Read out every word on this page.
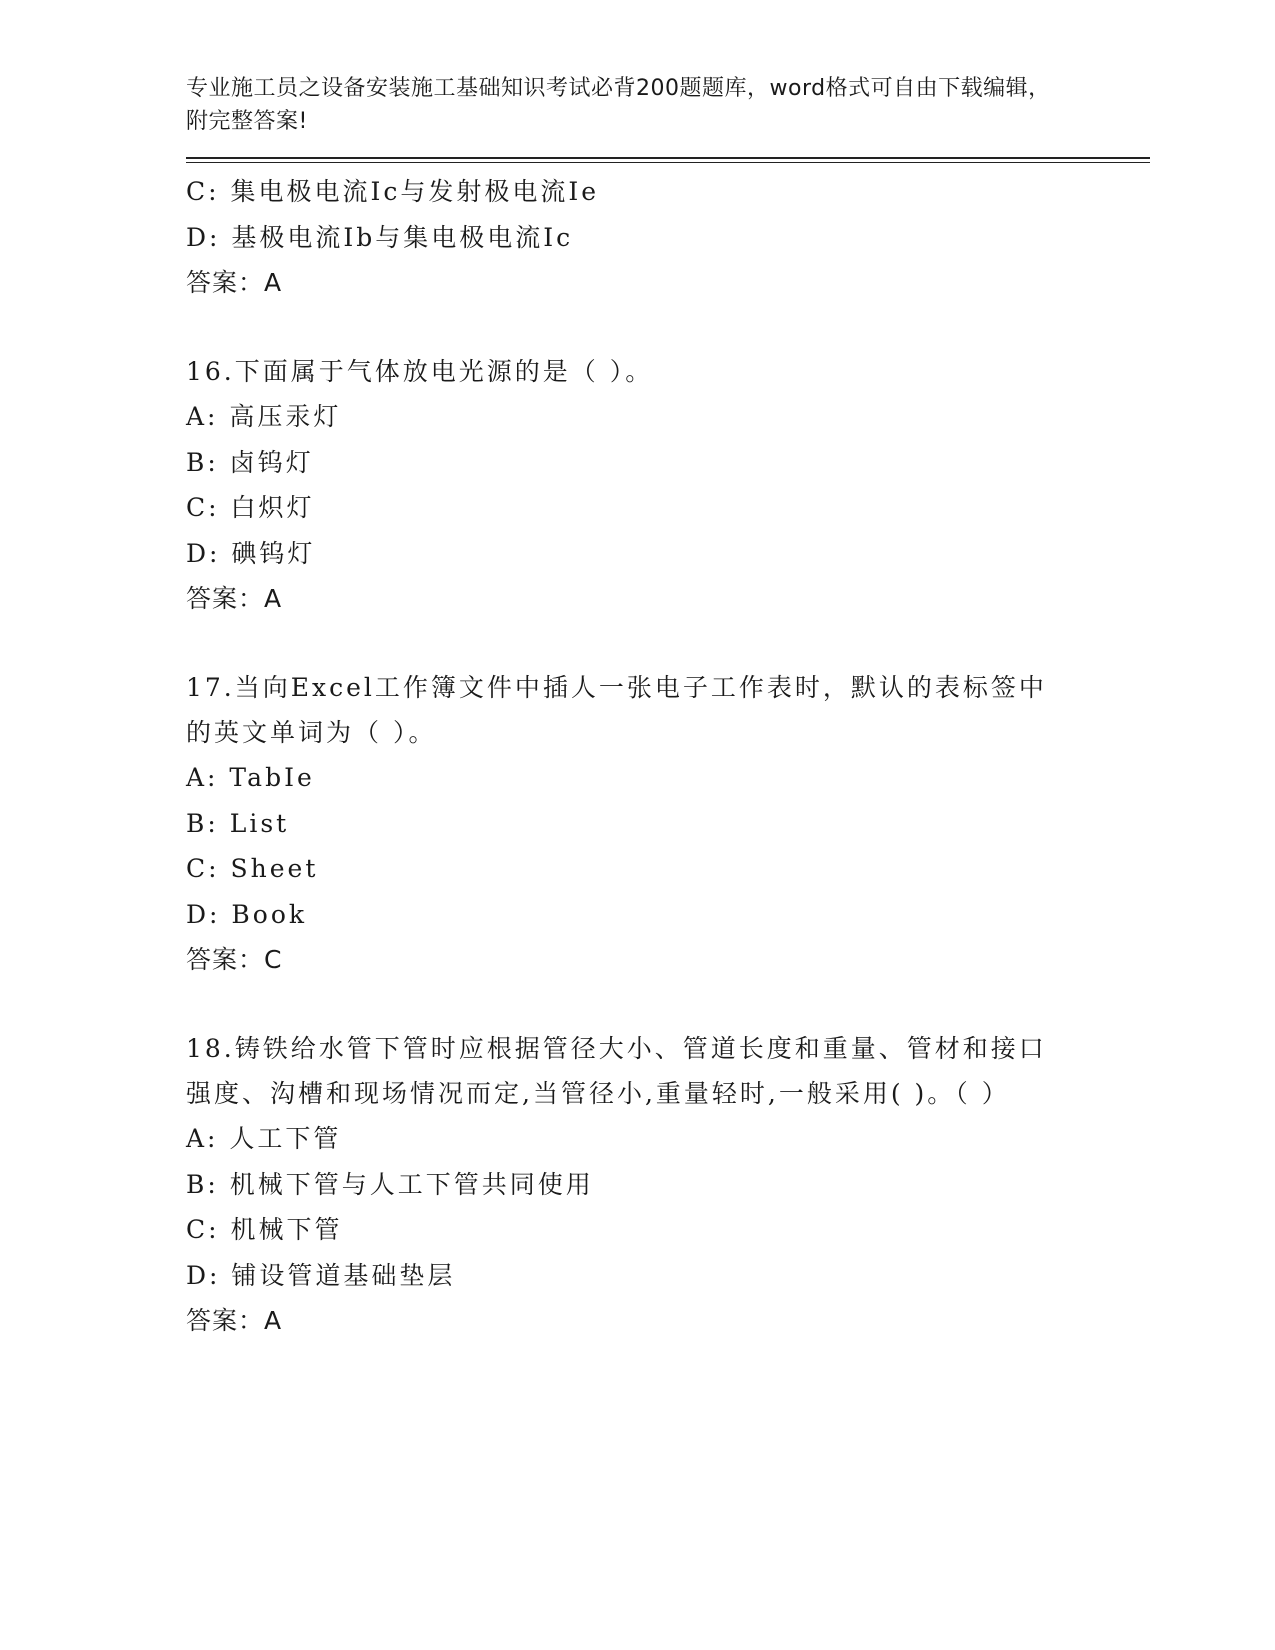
专业施工员之设备安装施工基础知识考试必背200题题库，word格式可自由下载编辑，附完整答案!

C: 集电极电流Ic与发射极电流Ie

D: 基极电流Ib与集电极电流Ic

答案：A

16.下面属于气体放电光源的是（ ）。

A: 高压汞灯

B: 卤钨灯

C: 白炽灯

D: 碘钨灯

答案：A

17.当向Excel工作簿文件中插人一张电子工作表时，默认的表标签中的英文单词为（ ）。

A: TabIe

B: List

C: Sheet

D: Book

答案：C

18.铸铁给水管下管时应根据管径大小、管道长度和重量、管材和接口强度、沟槽和现场情况而定,当管径小,重量轻时,一般采用( )。（ ）

A: 人工下管

B: 机械下管与人工下管共同使用

C: 机械下管

D: 铺设管道基础垫层

答案：A
